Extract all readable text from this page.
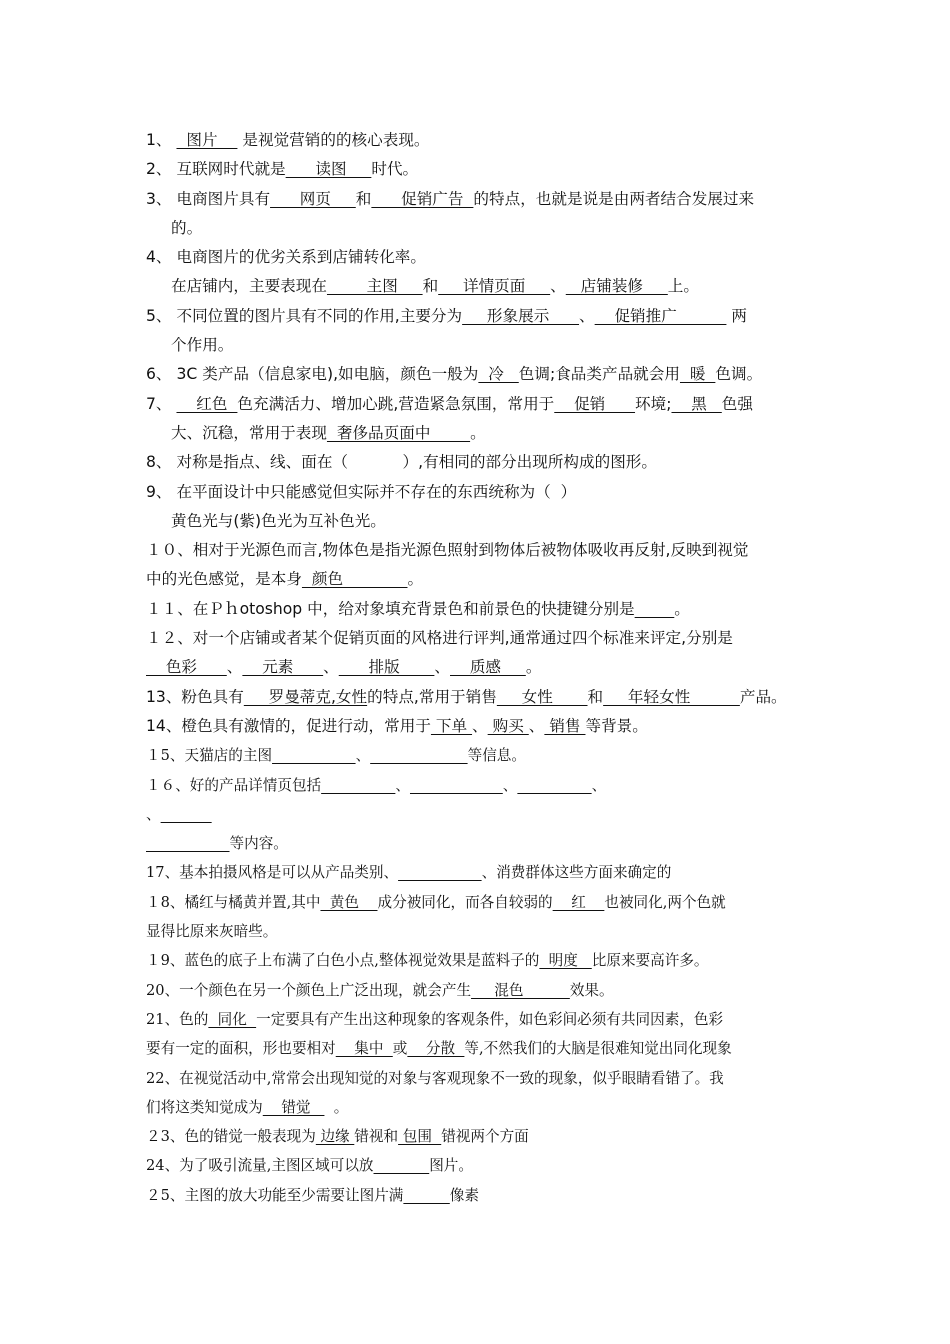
1、   图片     是视觉营销的的核心表现。
2、 互联网时代就是      读图     时代。
3、 电商图片具有      网页     和      促销广告  的特点，也就是说是由两者结合发展过来
的。
4、 电商图片的优劣关系到店铺转化率。
在店铺内，主要表现在        主图     和     详情页面     、   店铺装修     上。
5、 不同位置的图片具有不同的作用,主要分为     形象展示      、    促销推广           两
个作用。
6、 3C 类产品（信息家电),如电脑，颜色一般为  冷   色调;食品类产品就会用  暖  色调。
7、     红色  色充满活力、增加心跳,营造紧急氛围，常用于    促销      环境;    黑   色强
大、沉稳，常用于表现  奢侈品页面中        。
8、 对称是指点、线、面在（           ）,有相同的部分出现所构成的图形。
9、 在平面设计中只能感觉但实际并不存在的东西统称为（  ）
黄色光与(紫)色光为互补色光。
１０、相对于光源色而言,物体色是指光源色照射到物体后被物体吸收再反射,反映到视觉
中的光色感觉，是本身  颜色             。
１１、在Ｐｈotoshop 中，给对象填充背景色和前景色的快捷键分别是	。
１２、对一个店铺或者某个促销页面的风格进行评判,通常通过四个标准来评定,分别是
色彩      、    元素      、      排版       、    质感     。
13、粉色具有     罗曼蒂克,女性的特点,常用于销售     女性       和     年轻女性          产品。
14、橙色具有激情的，促进行动，常用于 下单 、 购买 、 销售 等背景。
１5、天猫店的主图	、	等信息。
１６、好的产品详情页包括	、	、	、
、
等内容。
17、基本拍摄风格是可以从产品类别、	、消费群体这些方面来确定的
１8、橘红与橘黄并置,其中  黄色    成分被同化，而各自较弱的    红    也被同化,两个色就
显得比原来灰暗些。
１9、蓝色的底子上布满了白色小点,整体视觉效果是蓝料子的  明度   比原来要高许多。
20、一个颜色在另一个颜色上广泛出现，就会产生     混色          效果。
21、色的  同化  一定要具有产生出这种现象的客观条件，如色彩间必须有共同因素，色彩
要有一定的面积，形也要相对    集中  或    分散  等,不然我们的大脑是很难知觉出同化现象
22、在视觉活动中,常常会出现知觉的对象与客观现象不一致的现象，似乎眼睛看错了。我
们将这类知觉成为    错觉     。
２3、色的错觉一般表现为 边缘 错视和 包围  错视两个方面
24、为了吸引流量,主图区域可以放	图片。
２5、主图的放大功能至少需要让图片满	像素
